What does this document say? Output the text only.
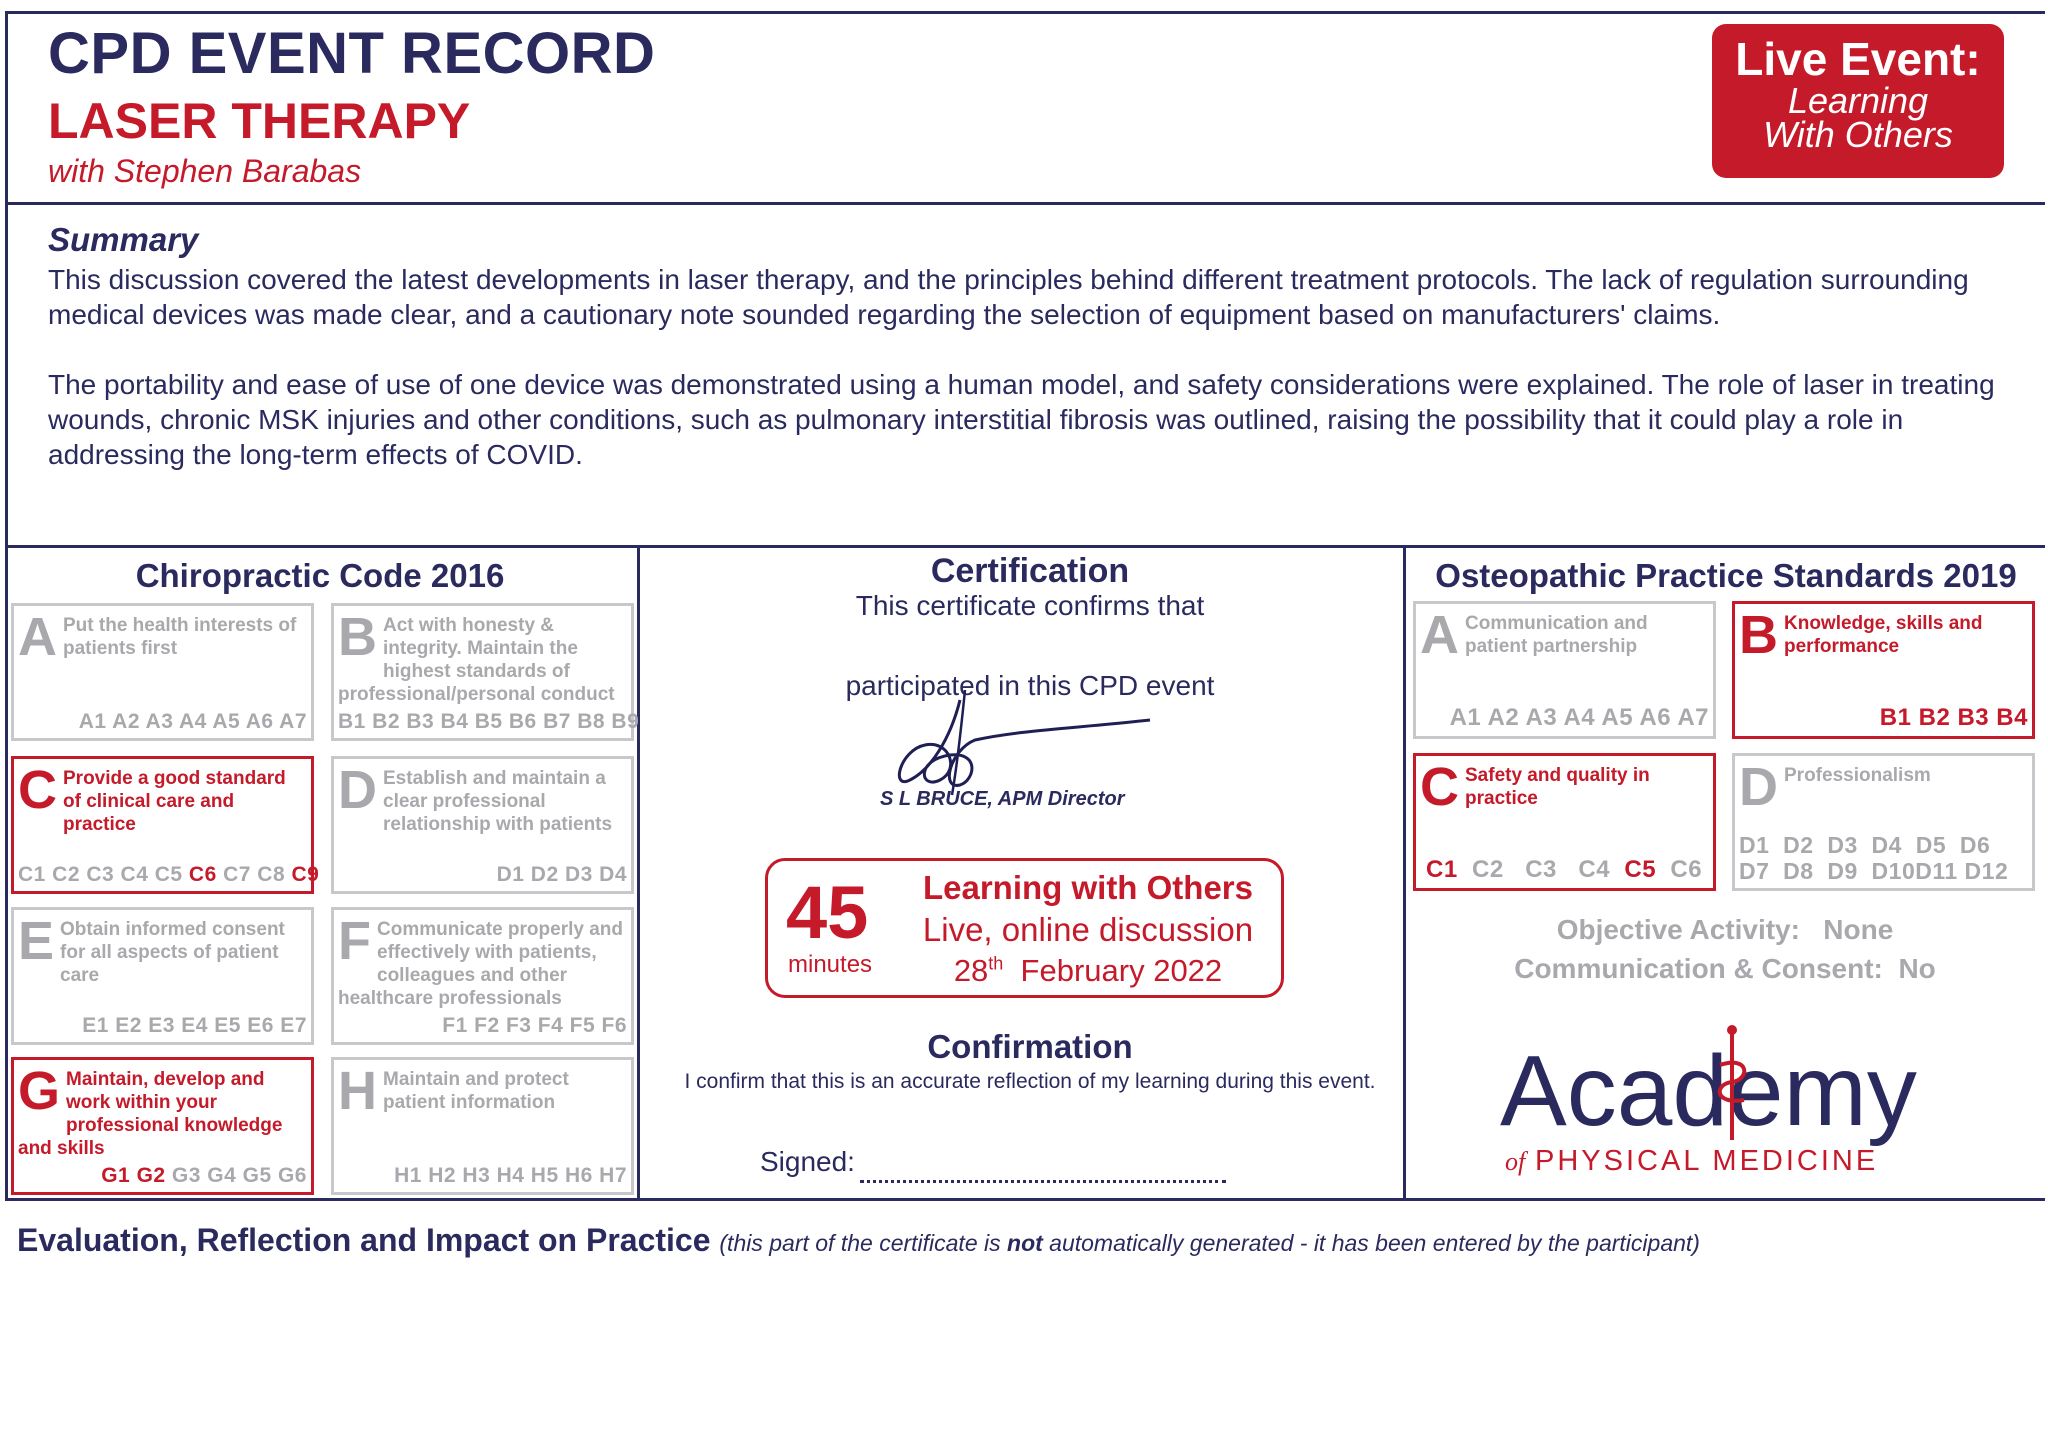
CPD EVENT RECORD
LASER THERAPY
with Stephen Barabas
Live Event:
Learning
With Others
Summary
This discussion covered the latest developments in laser therapy, and the principles behind different treatment protocols. The lack of regulation surrounding medical devices was made clear, and a cautionary note sounded regarding the selection of equipment based on manufacturers' claims.
The portability and ease of use of one device was demonstrated using a human model, and safety considerations were explained. The role of laser in treating wounds, chronic MSK injuries and other conditions, such as pulmonary interstitial fibrosis was outlined, raising the possibility that it could play a role in addressing the long-term effects of COVID.
Chiropractic Code 2016
A Put the health interests of patients first
A1 A2 A3 A4 A5 A6 A7
B Act with honesty & integrity. Maintain the highest standards of professional/personal conduct
B1 B2 B3 B4 B5 B6 B7 B8 B9
C Provide a good standard of clinical care and practice
C1 C2 C3 C4 C5 C6 C7 C8 C9
D Establish and maintain a clear professional relationship with patients
D1 D2 D3 D4
E Obtain informed consent for all aspects of patient care
E1 E2 E3 E4 E5 E6 E7
F Communicate properly and effectively with patients, colleagues and other healthcare professionals
F1 F2 F3 F4 F5 F6
G Maintain, develop and work within your professional knowledge and skills
G1 G2 G3 G4 G5 G6
H Maintain and protect patient information
H1 H2 H3 H4 H5 H6 H7
Certification
This certificate confirms that
participated in this CPD event
S L BRUCE, APM Director
45
minutes
Learning with Others
Live, online discussion
28th February 2022
Confirmation
I confirm that this is an accurate reflection of my learning during this event.
Signed:
Osteopathic Practice Standards 2019
A Communication and patient partnership
A1 A2 A3 A4 A5 A6 A7
B Knowledge, skills and performance
B1 B2 B3 B4
C Safety and quality in practice
C1  C2   C3   C4  C5  C6
D Professionalism
D1  D2  D3  D4  D5  D6
D7  D8  D9  D10D11 D12
Objective Activity:   None
Communication & Consent:  No
Academy
of PHYSICAL MEDICINE
Evaluation, Reflection and Impact on Practice (this part of the certificate is not automatically generated - it has been entered by the participant)
